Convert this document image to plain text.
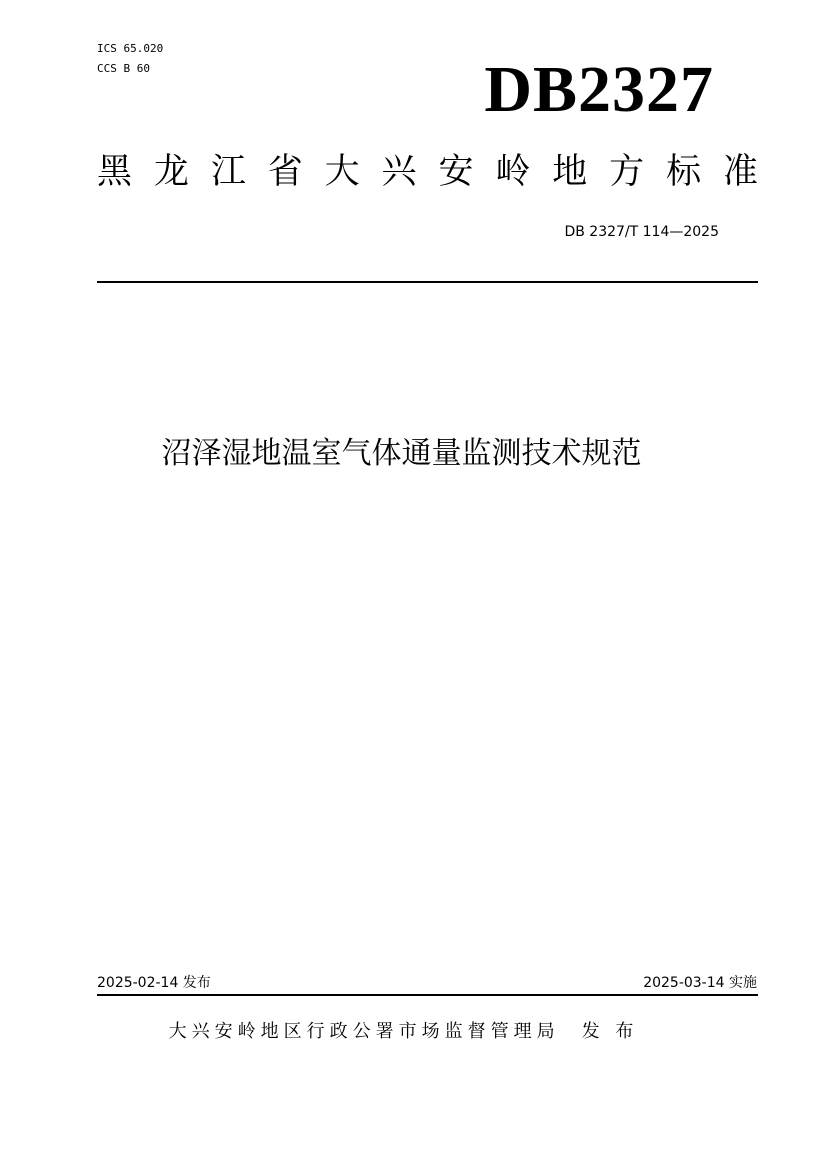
ICS 65.020
CCS B 60	DB2327
黑 龙 江 省 大 兴 安 岭 地 方 标 准
DB 2327/T 114—2025
沼泽湿地温室气体通量监测技术规范
2025-02-14 发布	2025-03-14 实施
大兴安岭地区行政公署市场监督管理局 发 布
